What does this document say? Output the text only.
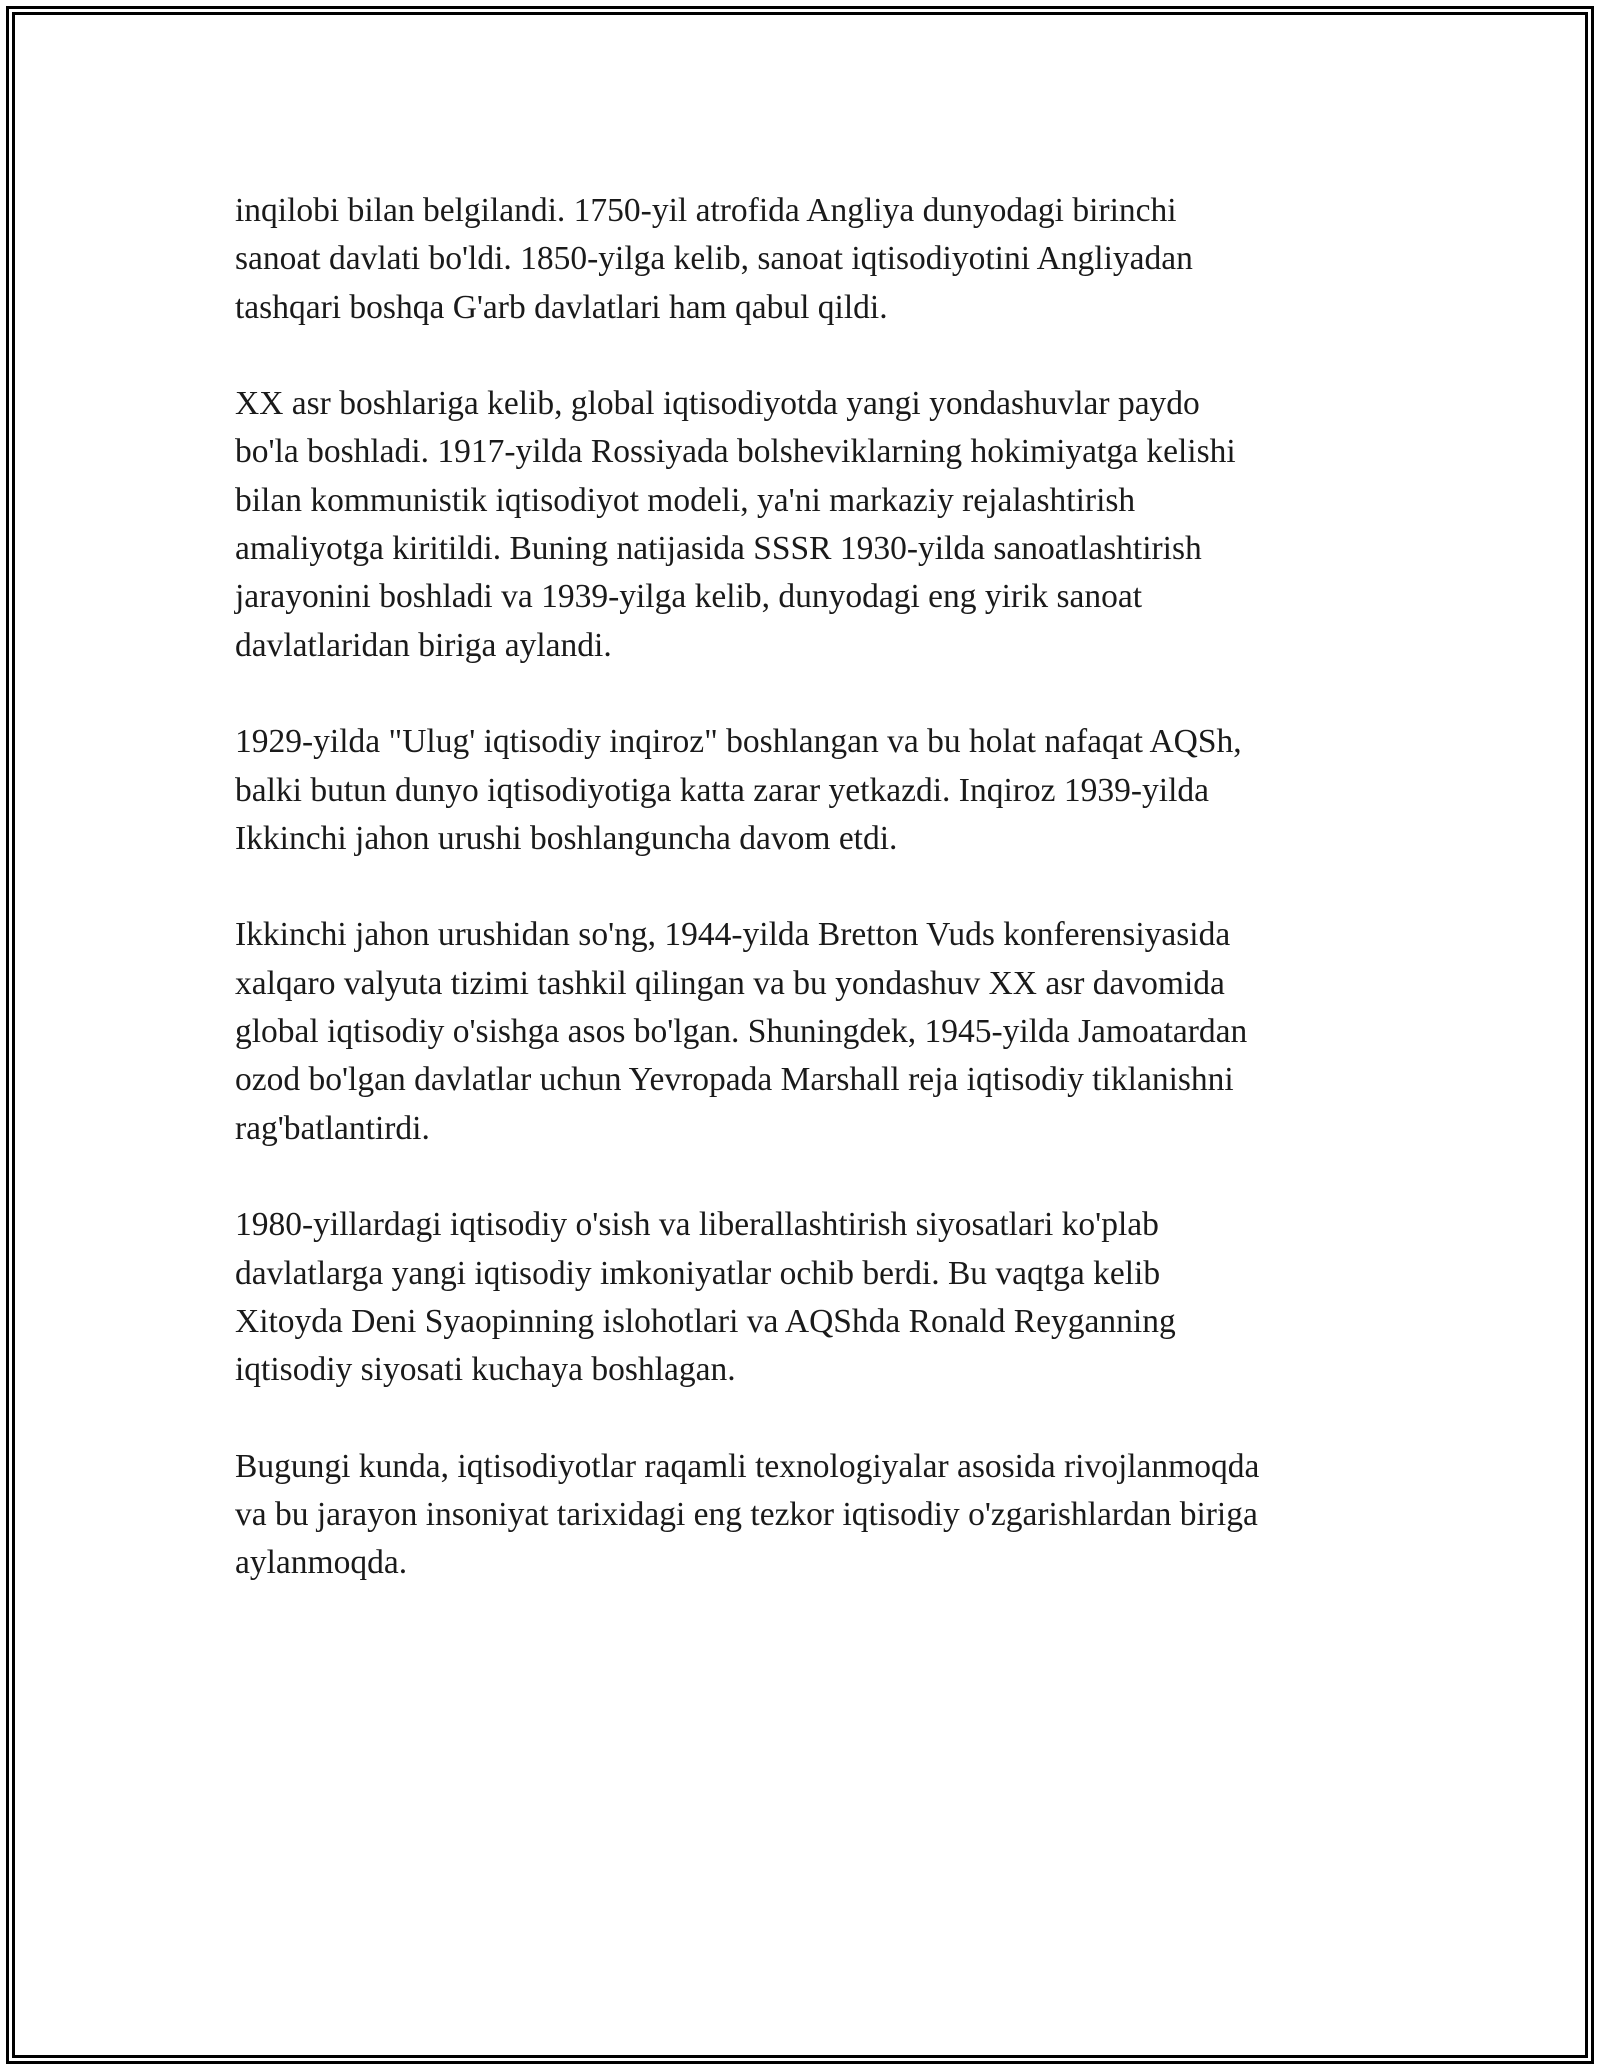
inqilobi bilan belgilandi. 1750-yil atrofida Angliya dunyodagi birinchi
sanoat davlati bo'ldi. 1850-yilga kelib, sanoat iqtisodiyotini Angliyadan
tashqari boshqa G'arb davlatlari ham qabul qildi.

XX asr boshlariga kelib, global iqtisodiyotda yangi yondashuvlar paydo
bo'la boshladi. 1917-yilda Rossiyada bolsheviklarning hokimiyatga kelishi
bilan kommunistik iqtisodiyot modeli, ya'ni markaziy rejalashtirish
amaliyotga kiritildi. Buning natijasida SSSR 1930-yilda sanoatlashtirish
jarayonini boshladi va 1939-yilga kelib, dunyodagi eng yirik sanoat
davlatlaridan biriga aylandi.

1929-yilda "Ulug' iqtisodiy inqiroz" boshlangan va bu holat nafaqat AQSh,
balki butun dunyo iqtisodiyotiga katta zarar yetkazdi. Inqiroz 1939-yilda
Ikkinchi jahon urushi boshlanguncha davom etdi.

Ikkinchi jahon urushidan so'ng, 1944-yilda Bretton Vuds konferensiyasida
xalqaro valyuta tizimi tashkil qilingan va bu yondashuv XX asr davomida
global iqtisodiy o'sishga asos bo'lgan. Shuningdek, 1945-yilda Jamoatardan
ozod bo'lgan davlatlar uchun Yevropada Marshall reja iqtisodiy tiklanishni
rag'batlantirdi.

1980-yillardagi iqtisodiy o'sish va liberallashtirish siyosatlari ko'plab
davlatlarga yangi iqtisodiy imkoniyatlar ochib berdi. Bu vaqtga kelib
Xitoyda Deni Syaopinning islohotlari va AQShda Ronald Reyganning
iqtisodiy siyosati kuchaya boshlagan.

Bugungi kunda, iqtisodiyotlar raqamli texnologiyalar asosida rivojlanmoqda
va bu jarayon insoniyat tarixidagi eng tezkor iqtisodiy o'zgarishlardan biriga
aylanmoqda.
